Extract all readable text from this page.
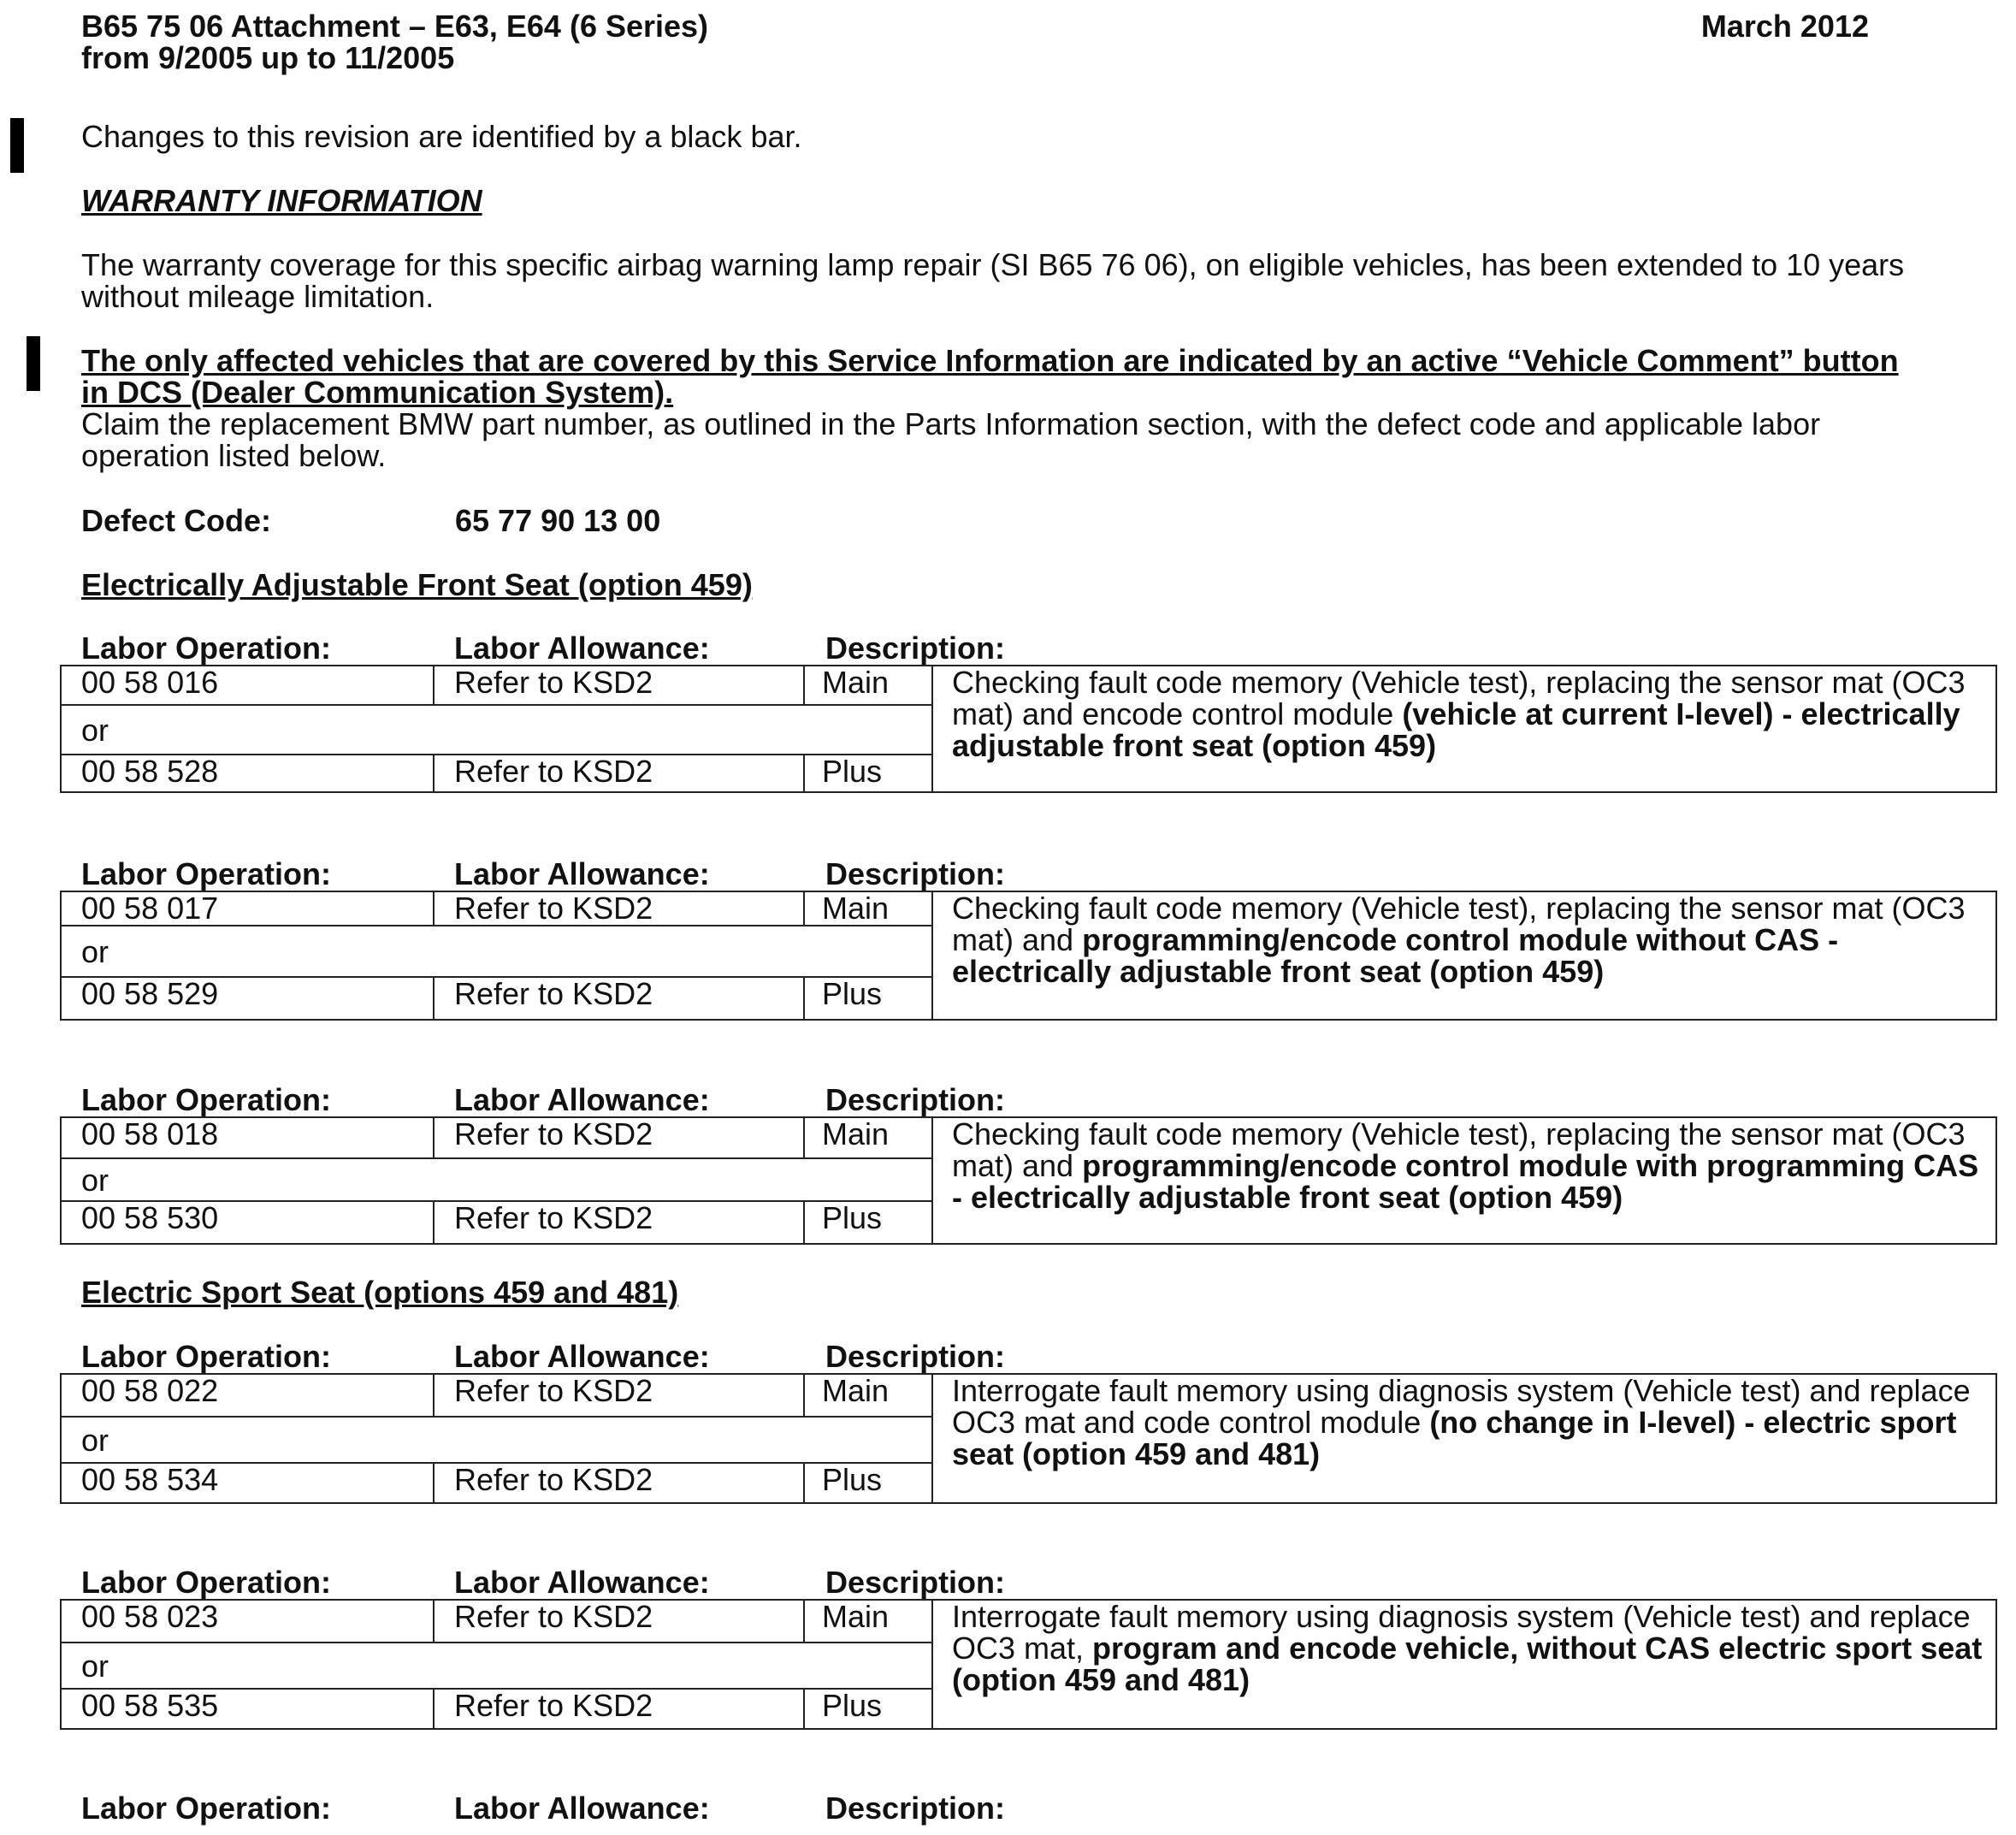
B65 75 06 Attachment – E63, E64 (6 Series)
from 9/2005 up to 11/2005
March 2012
Changes to this revision are identified by a black bar.
WARRANTY INFORMATION
The warranty coverage for this specific airbag warning lamp repair (SI B65 76 06), on eligible vehicles, has been extended to 10 years without mileage limitation.
The only affected vehicles that are covered by this Service Information are indicated by an active “Vehicle Comment” button in DCS (Dealer Communication System).
Claim the replacement BMW part number, as outlined in the Parts Information section, with the defect code and applicable labor operation listed below.
Defect Code:	65 77 90 13 00
Electrically Adjustable Front Seat (option 459)
Labor Operation:	Labor Allowance:	Description:
00 58 016	Refer to KSD2	Main	Checking fault code memory (Vehicle test), replacing the sensor mat (OC3 mat) and encode control module (vehicle at current I-level) - electrically adjustable front seat (option 459)
or			
00 58 528	Refer to KSD2	Plus	
Labor Operation:	Labor Allowance:	Description:
00 58 017	Refer to KSD2	Main	Checking fault code memory (Vehicle test), replacing the sensor mat (OC3 mat) and programming/encode control module without CAS - electrically adjustable front seat (option 459)
or			
00 58 529	Refer to KSD2	Plus	
Labor Operation:	Labor Allowance:	Description:
00 58 018	Refer to KSD2	Main	Checking fault code memory (Vehicle test), replacing the sensor mat (OC3 mat) and programming/encode control module with programming CAS - electrically adjustable front seat (option 459)
or			
00 58 530	Refer to KSD2	Plus	
Electric Sport Seat (options 459 and 481)
Labor Operation:	Labor Allowance:	Description:
00 58 022	Refer to KSD2	Main	Interrogate fault memory using diagnosis system (Vehicle test) and replace OC3 mat and code control module (no change in I-level) - electric sport seat (option 459 and 481)
or			
00 58 534	Refer to KSD2	Plus	
Labor Operation:	Labor Allowance:	Description:
00 58 023	Refer to KSD2	Main	Interrogate fault memory using diagnosis system (Vehicle test) and replace OC3 mat, program and encode vehicle, without CAS electric sport seat (option 459 and 481)
or			
00 58 535	Refer to KSD2	Plus	
Labor Operation:	Labor Allowance:	Description:
